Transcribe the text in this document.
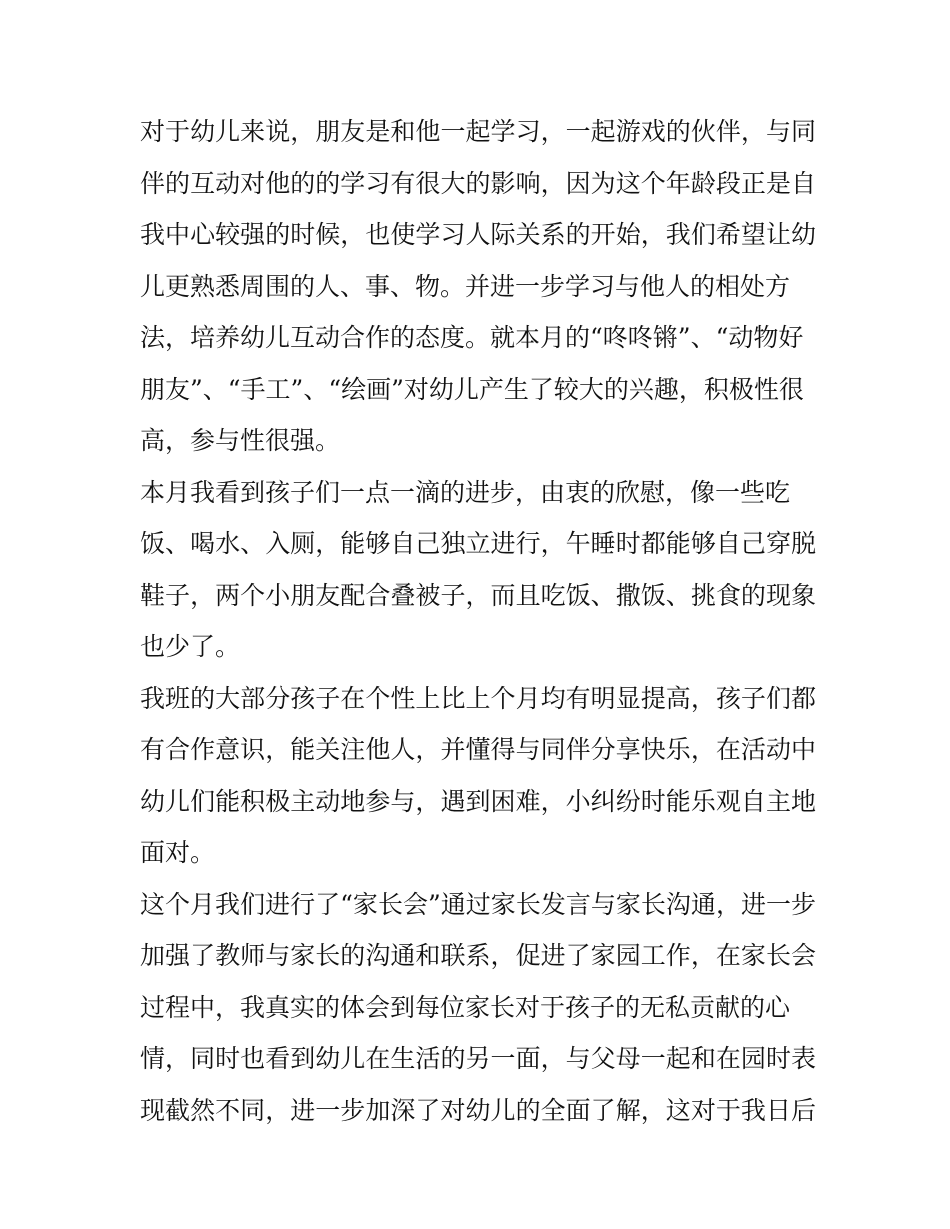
对于幼儿来说，朋友是和他一起学习，一起游戏的伙伴，与同
伴的互动对他的的学习有很大的影响，因为这个年龄段正是自
我中心较强的时候，也使学习人际关系的开始，我们希望让幼
儿更熟悉周围的人、事、物。并进一步学习与他人的相处方
法，培养幼儿互动合作的态度。就本月的“咚咚锵”、“动物好
朋友”、“手工”、“绘画”对幼儿产生了较大的兴趣，积极性很
高，参与性很强。
本月我看到孩子们一点一滴的进步，由衷的欣慰，像一些吃
饭、喝水、入厕，能够自己独立进行，午睡时都能够自己穿脱
鞋子，两个小朋友配合叠被子，而且吃饭、撒饭、挑食的现象
也少了。
我班的大部分孩子在个性上比上个月均有明显提高，孩子们都
有合作意识，能关注他人，并懂得与同伴分享快乐，在活动中
幼儿们能积极主动地参与，遇到困难，小纠纷时能乐观自主地
面对。
这个月我们进行了“家长会”通过家长发言与家长沟通，进一步
加强了教师与家长的沟通和联系，促进了家园工作，在家长会
过程中，我真实的体会到每位家长对于孩子的无私贡献的心
情，同时也看到幼儿在生活的另一面，与父母一起和在园时表
现截然不同，进一步加深了对幼儿的全面了解，这对于我日后
